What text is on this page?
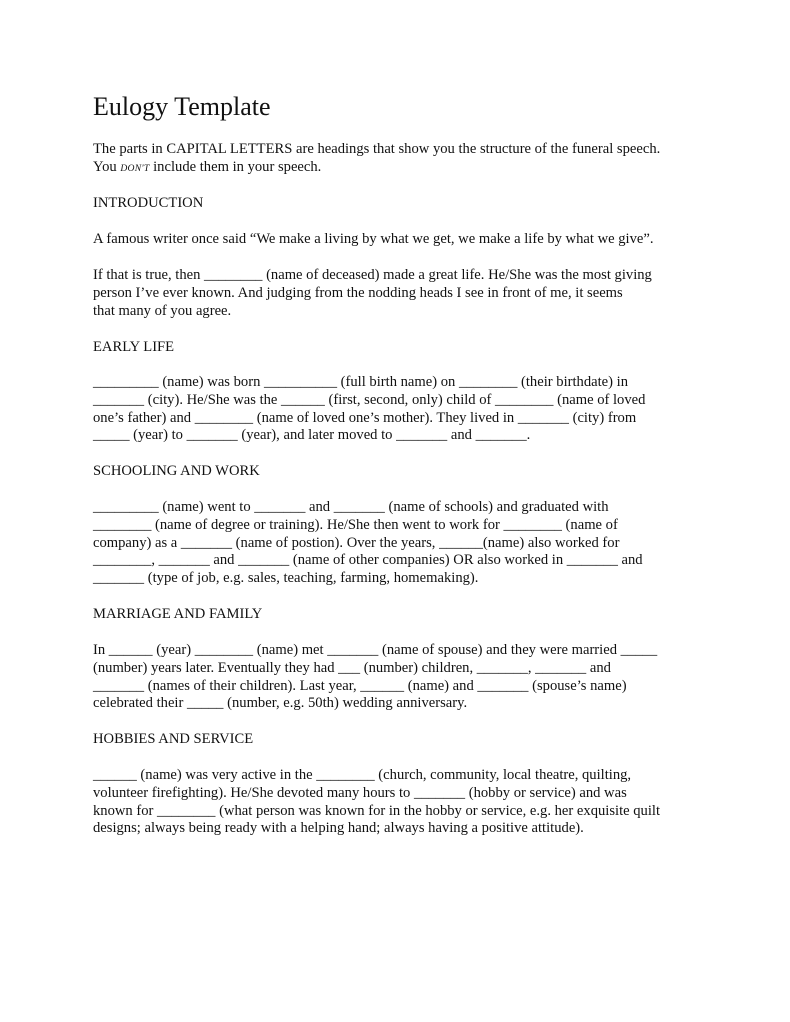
Eulogy Template
The parts in CAPITAL LETTERS are headings that show you the structure of the funeral speech.
You DON'T include them in your speech.
INTRODUCTION
A famous writer once said “We make a living by what we get, we make a life by what we give”.
If that is true, then ________ (name of deceased) made a great life. He/She was the most giving
person I’ve ever known. And judging from the nodding heads I see in front of me, it seems
that many of you agree.
EARLY LIFE
_________ (name) was born __________ (full birth name) on ________ (their birthdate) in
_______ (city). He/She was the ______ (first, second, only) child of ________ (name of loved
one’s father) and ________ (name of loved one’s mother). They lived in _______ (city) from
_____ (year) to _______ (year), and later moved to _______ and _______.
SCHOOLING AND WORK
_________ (name) went to _______ and _______ (name of schools) and graduated with
________ (name of degree or training). He/She then went to work for ________ (name of
company) as a _______ (name of postion). Over the years, ______(name) also worked for
________, _______ and _______ (name of other companies) OR also worked in _______ and
_______ (type of job, e.g. sales, teaching, farming, homemaking).
MARRIAGE AND FAMILY
In ______ (year) ________ (name) met _______ (name of spouse) and they were married _____
(number) years later. Eventually they had ___ (number) children, _______, _______ and
_______ (names of their children). Last year, ______ (name) and _______ (spouse’s name)
celebrated their _____ (number, e.g. 50th) wedding anniversary.
HOBBIES AND SERVICE
______ (name) was very active in the ________ (church, community, local theatre, quilting,
volunteer firefighting). He/She devoted many hours to _______ (hobby or service) and was
known for ________ (what person was known for in the hobby or service, e.g. her exquisite quilt
designs; always being ready with a helping hand; always having a positive attitude).
